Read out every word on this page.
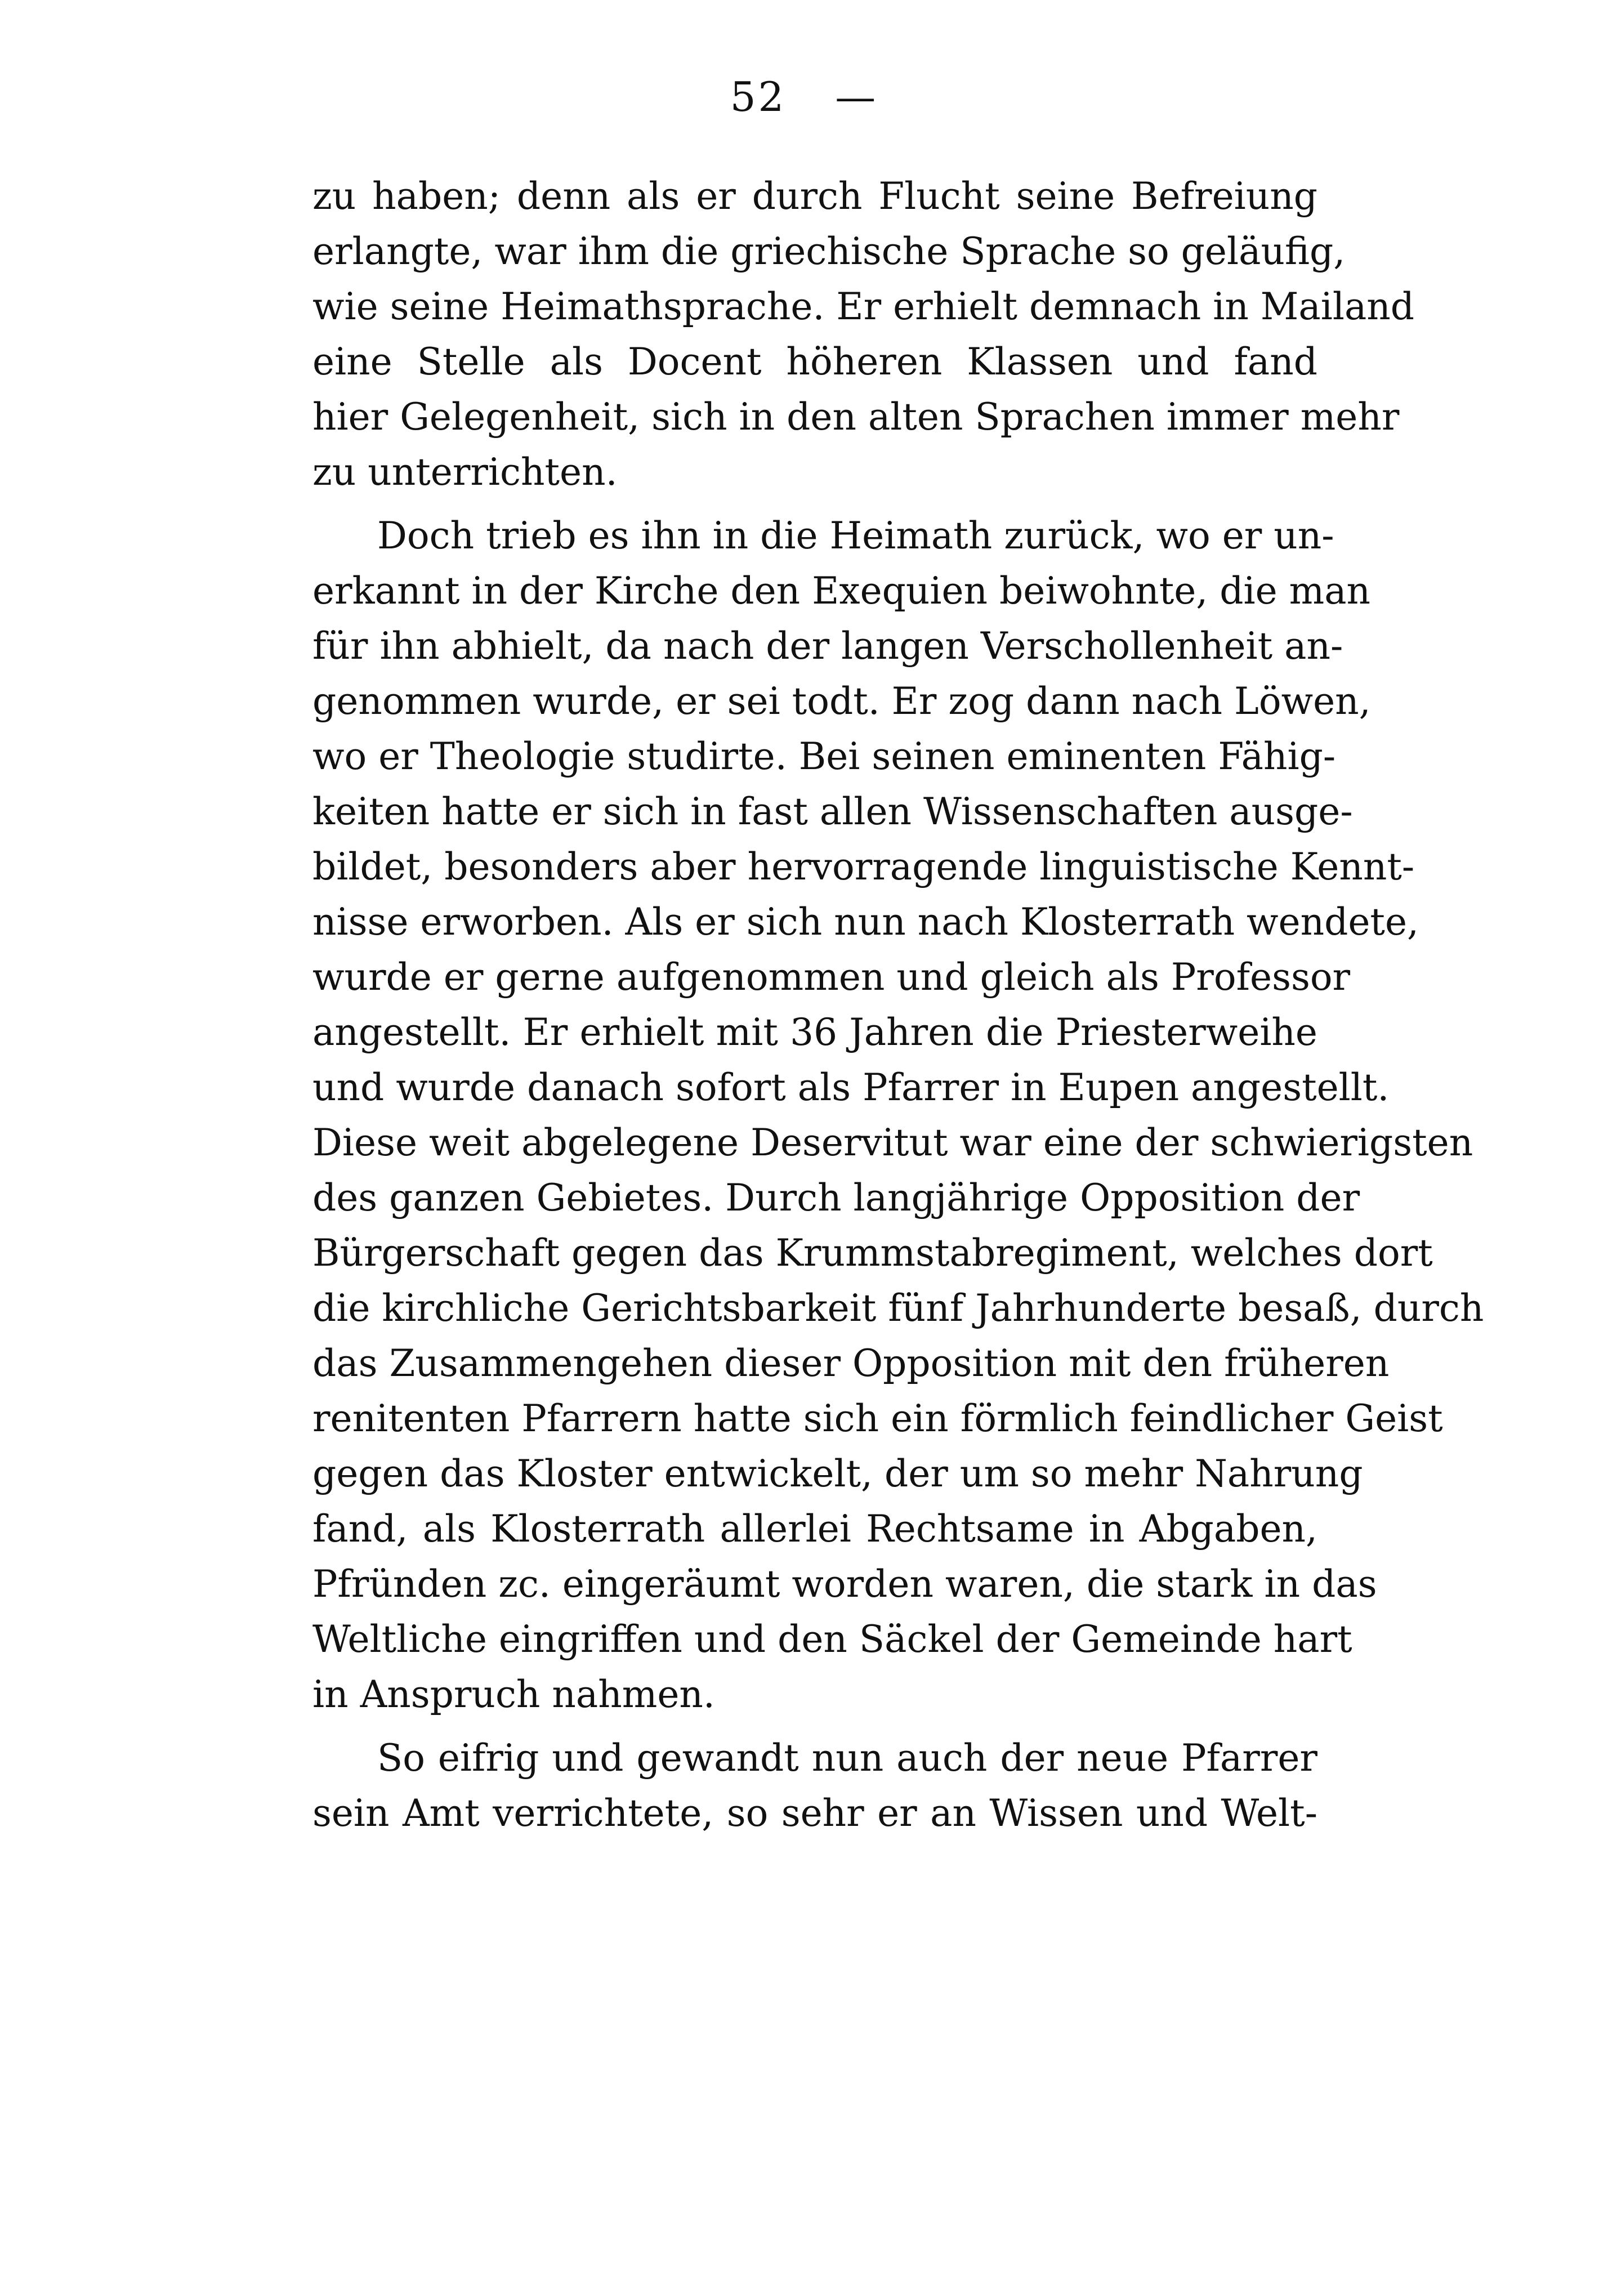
52 —
zu haben; denn als er durch Flucht seine Befreiung
erlangte, war ihm die griechische Sprache so geläufig,
wie seine Heimathsprache. Er erhielt demnach in Mailand
eine Stelle als Docent höheren Klassen und fand
hier Gelegenheit, sich in den alten Sprachen immer mehr
zu unterrichten.
Doch trieb es ihn in die Heimath zurück, wo er un-
erkannt in der Kirche den Exequien beiwohnte, die man
für ihn abhielt, da nach der langen Verschollenheit an-
genommen wurde, er sei todt. Er zog dann nach Löwen,
wo er Theologie studirte. Bei seinen eminenten Fähig-
keiten hatte er sich in fast allen Wissenschaften ausge-
bildet, besonders aber hervorragende linguistische Kennt-
nisse erworben. Als er sich nun nach Klosterrath wendete,
wurde er gerne aufgenommen und gleich als Professor
angestellt. Er erhielt mit 36 Jahren die Priesterweihe
und wurde danach sofort als Pfarrer in Eupen angestellt.
Diese weit abgelegene Deservitut war eine der schwierigsten
des ganzen Gebietes. Durch langjährige Opposition der
Bürgerschaft gegen das Krummstabregiment, welches dort
die kirchliche Gerichtsbarkeit fünf Jahrhunderte besaß, durch
das Zusammengehen dieser Opposition mit den früheren
renitenten Pfarrern hatte sich ein förmlich feindlicher Geist
gegen das Kloster entwickelt, der um so mehr Nahrung
fand, als Klosterrath allerlei Rechtsame in Abgaben,
Pfründen zc. eingeräumt worden waren, die stark in das
Weltliche eingriffen und den Säckel der Gemeinde hart
in Anspruch nahmen.
So eifrig und gewandt nun auch der neue Pfarrer
sein Amt verrichtete, so sehr er an Wissen und Welt-
